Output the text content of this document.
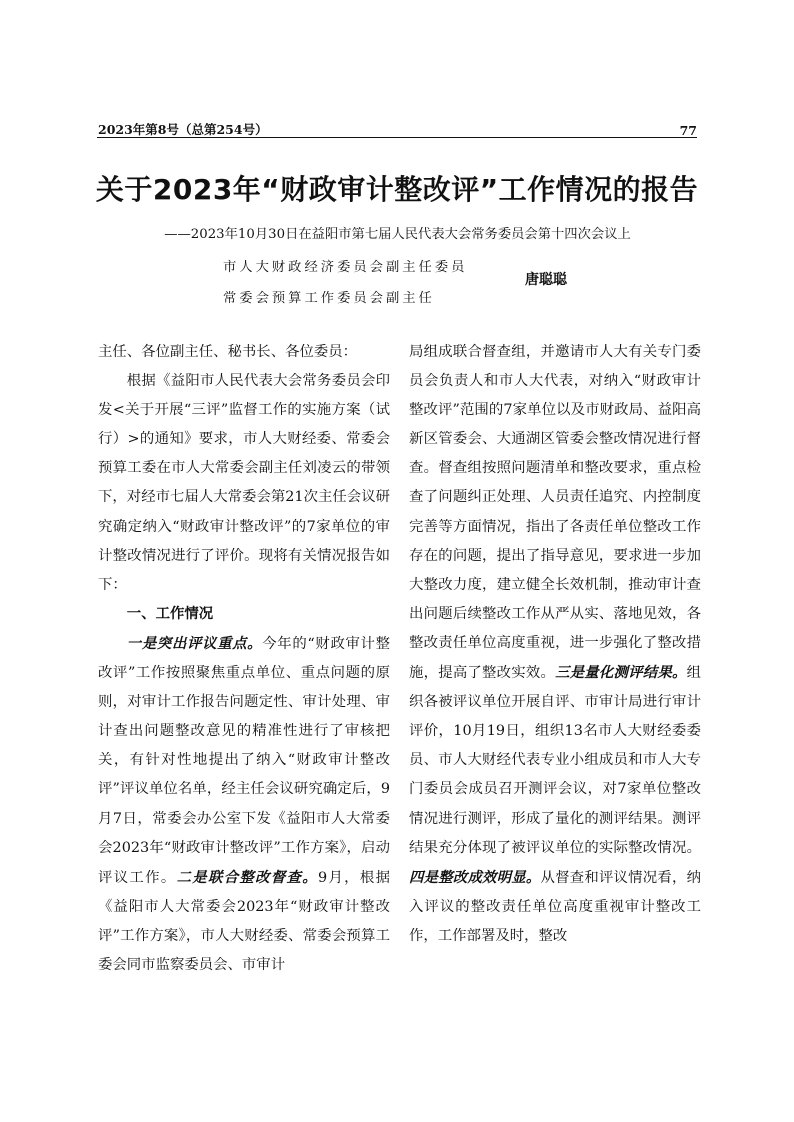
2023年第8号（总第254号）	77
关于2023年“财政审计整改评”工作情况的报告
——2023年10月30日在益阳市第七届人民代表大会常务委员会第十四次会议上
市人大财政经济委员会副主任委员
常委会预算工作委员会副主任
唐聪聪

主任、各位副主任、秘书长、各位委员：

根据《益阳市人民代表大会常务委员会印发<关于开展“三评”监督工作的实施方案（试行）>的通知》要求，市人大财经委、常委会预算工委在市人大常委会副主任刘凌云的带领下，对经市七届人大常委会第21次主任会议研究确定纳入“财政审计整改评”的7家单位的审计整改情况进行了评价。现将有关情况报告如下：

一、工作情况

一是突出评议重点。今年的“财政审计整改评”工作按照聚焦重点单位、重点问题的原则，对审计工作报告问题定性、审计处理、审计查出问题整改意见的精准性进行了审核把关，有针对性地提出了纳入“财政审计整改评”评议单位名单，经主任会议研究确定后，9月7日，常委会办公室下发《益阳市人大常委会2023年“财政审计整改评”工作方案》，启动评议工作。二是联合整改督查。9月，根据《益阳市人大常委会2023年“财政审计整改评”工作方案》，市人大财经委、常委会预算工委会同市监察委员会、市审计

局组成联合督查组，并邀请市人大有关专门委员会负责人和市人大代表，对纳入“财政审计整改评”范围的7家单位以及市财政局、益阳高新区管委会、大通湖区管委会整改情况进行督查。督查组按照问题清单和整改要求，重点检查了问题纠正处理、人员责任追究、内控制度完善等方面情况，指出了各责任单位整改工作存在的问题，提出了指导意见，要求进一步加大整改力度，建立健全长效机制，推动审计查出问题后续整改工作从严从实、落地见效，各整改责任单位高度重视，进一步强化了整改措施，提高了整改实效。三是量化测评结果。组织各被评议单位开展自评、市审计局进行审计评价，10月19日，组织13名市人大财经委委员、市人大财经代表专业小组成员和市人大专门委员会成员召开测评会议，对7家单位整改情况进行测评，形成了量化的测评结果。测评结果充分体现了被评议单位的实际整改情况。四是整改成效明显。从督查和评议情况看，纳入评议的整改责任单位高度重视审计整改工作，工作部署及时，整改
